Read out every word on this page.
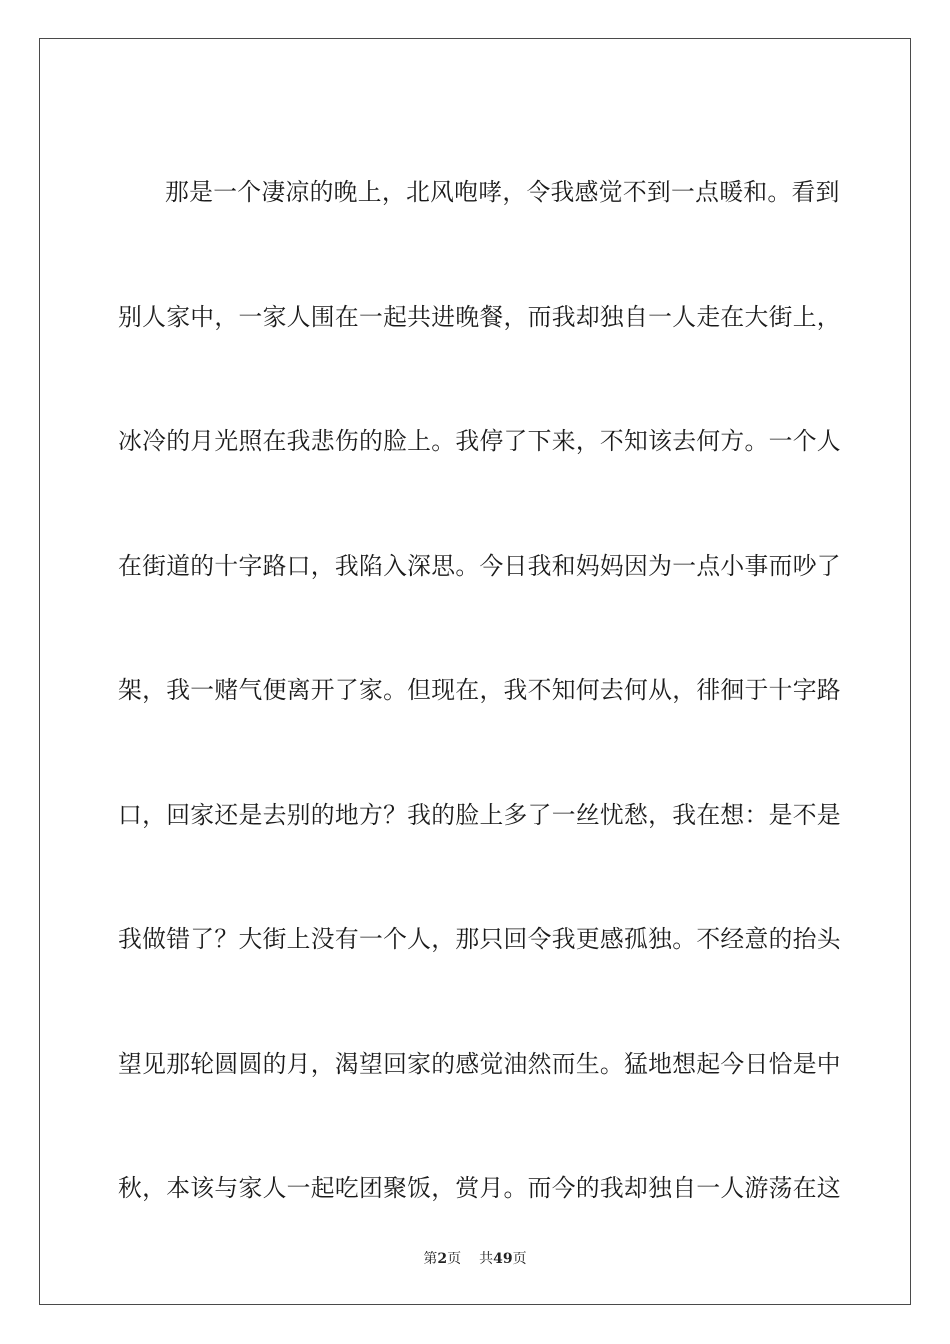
那是一个凄凉的晚上，北风咆哮，令我感觉不到一点暖和。看到
别人家中，一家人围在一起共进晚餐，而我却独自一人走在大街上，
冰冷的月光照在我悲伤的脸上。我停了下来，不知该去何方。一个人
在街道的十字路口，我陷入深思。今日我和妈妈因为一点小事而吵了
架，我一赌气便离开了家。但现在，我不知何去何从，徘徊于十字路
口，回家还是去别的地方？我的脸上多了一丝忧愁，我在想：是不是
我做错了？大街上没有一个人，那只回令我更感孤独。不经意的抬头
望见那轮圆圆的月，渴望回家的感觉油然而生。猛地想起今日恰是中
秋，本该与家人一起吃团聚饭，赏月。而今的我却独自一人游荡在这
第2页 共49页
